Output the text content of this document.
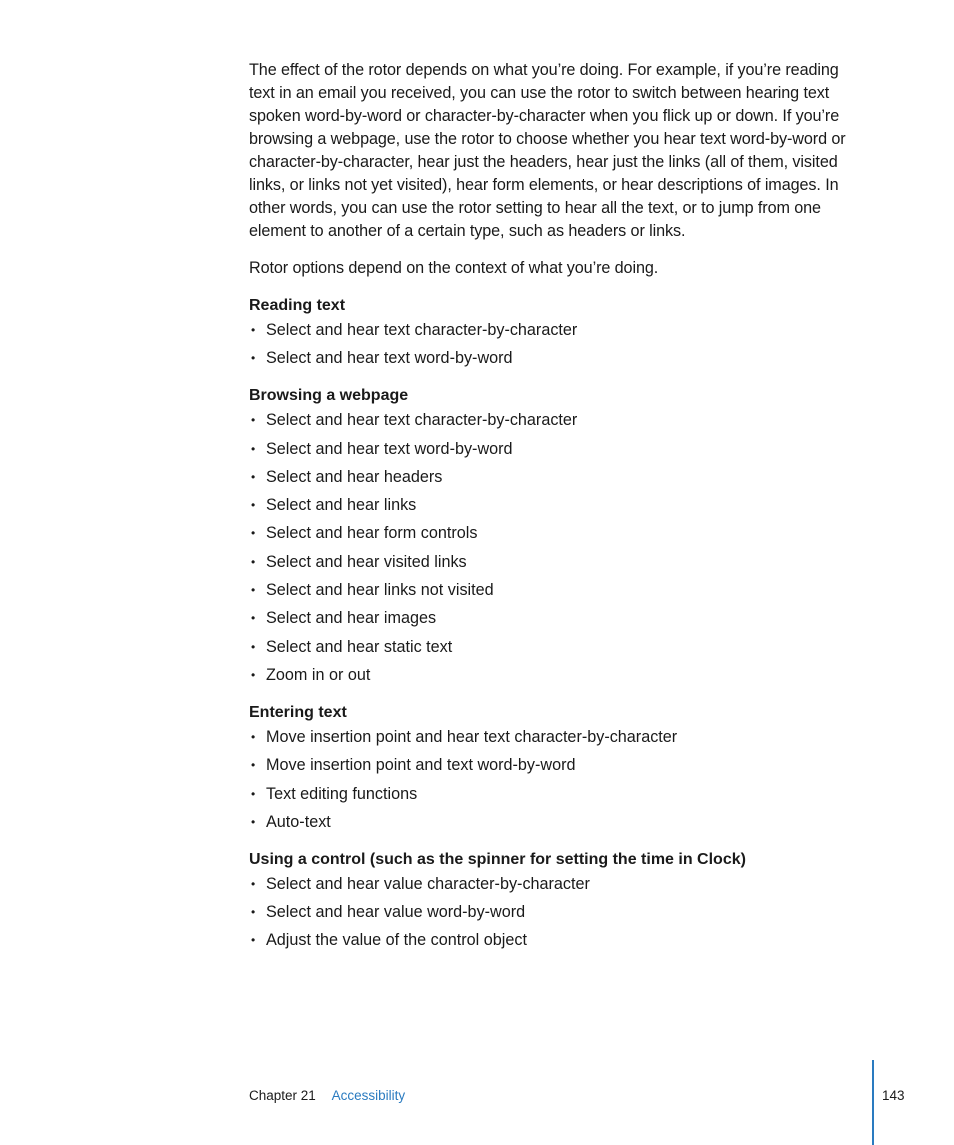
The effect of the rotor depends on what you’re doing. For example, if you’re reading text in an email you received, you can use the rotor to switch between hearing text spoken word-by-word or character-by-character when you flick up or down. If you’re browsing a webpage, use the rotor to choose whether you hear text word-by-word or character-by-character, hear just the headers, hear just the links (all of them, visited links, or links not yet visited), hear form elements, or hear descriptions of images. In other words, you can use the rotor setting to hear all the text, or to jump from one element to another of a certain type, such as headers or links.

Rotor options depend on the context of what you’re doing.

Reading text
• Select and hear text character-by-character
• Select and hear text word-by-word
Browsing a webpage
• Select and hear text character-by-character
• Select and hear text word-by-word
• Select and hear headers
• Select and hear links
• Select and hear form controls
• Select and hear visited links
• Select and hear links not visited
• Select and hear images
• Select and hear static text
• Zoom in or out
Entering text
• Move insertion point and hear text character-by-character
• Move insertion point and text word-by-word
• Text editing functions
• Auto-text
Using a control (such as the spinner for setting the time in Clock)
• Select and hear value character-by-character
• Select and hear value word-by-word
• Adjust the value of the control object
Chapter 21 Accessibility	143
